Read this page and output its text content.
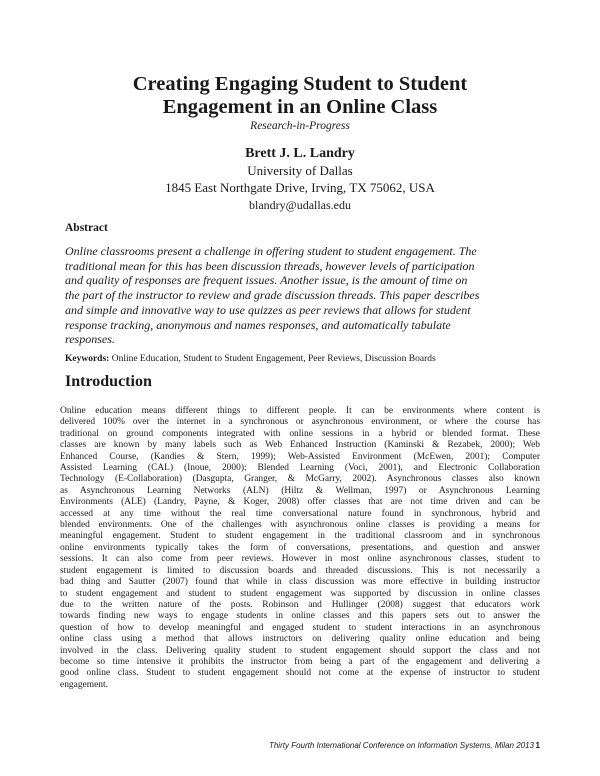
Creating Engaging Student to Student
Engagement in an Online Class
Research-in-Progress
Brett J. L. Landry
University of Dallas
1845 East Northgate Drive, Irving, TX 75062, USA
blandry@udallas.edu
Abstract
Online classrooms present a challenge in offering student to student engagement. The
traditional mean for this has been discussion threads, however levels of participation
and quality of responses are frequent issues. Another issue, is the amount of time on
the part of the instructor to review and grade discussion threads. This paper describes
and simple and innovative way to use quizzes as peer reviews that allows for student
response tracking, anonymous and names responses, and automatically tabulate
responses.
Keywords: Online Education, Student to Student Engagement, Peer Reviews, Discussion Boards
Introduction
Online education means different things to different people. It can be environments where content is
delivered 100% over the internet in a synchronous or asynchronous environment, or where the course has
traditional on ground components integrated with online sessions in a hybrid or blended format. These
classes are known by many labels such as Web Enhanced Instruction (Kaminski & Rezabek, 2000); Web
Enhanced Course, (Kandies & Stern, 1999); Web-Assisted Environment (McEwen, 2001); Computer
Assisted Learning (CAL) (Inoue, 2000); Blended Learning (Voci, 2001), and Electronic Collaboration
Technology (E-Collaboration) (Dasgupta, Granger, & McGarry, 2002). Asynchronous classes also known
as Asynchronous Learning Networks (ALN) (Hiltz & Wellman, 1997) or Asynchronous Learning
Environments (ALE) (Landry, Payne, & Koger, 2008) offer classes that are not time driven and can be
accessed at any time without the real time conversational nature found in synchronous, hybrid and
blended environments. One of the challenges with asynchronous online classes is providing a means for
meaningful engagement. Student to student engagement in the traditional classroom and in synchronous
online environments typically takes the form of conversations, presentations, and question and answer
sessions. It can also come from peer reviews. However in most online asynchronous classes, student to
student engagement is limited to discussion boards and threaded discussions. This is not necessarily a
bad thing and Sautter (2007) found that while in class discussion was more effective in building instructor
to student engagement and student to student engagement was supported by discussion in online classes
due to the written nature of the posts. Robinson and Hullinger (2008) suggest that educators work
towards finding new ways to engage students in online classes and this papers sets out to answer the
question of how to develop meaningful and engaged student to student interactions in an asynchronous
online class using a method that allows instructors on delivering quality online education and being
involved in the class. Delivering quality student to student engagement should support the class and not
become so time intensive it prohibits the instructor from being a part of the engagement and delivering a
good online class. Student to student engagement should not come at the expense of instructor to student
engagement.
Thirty Fourth International Conference on Information Systems, Milan 2013 1
